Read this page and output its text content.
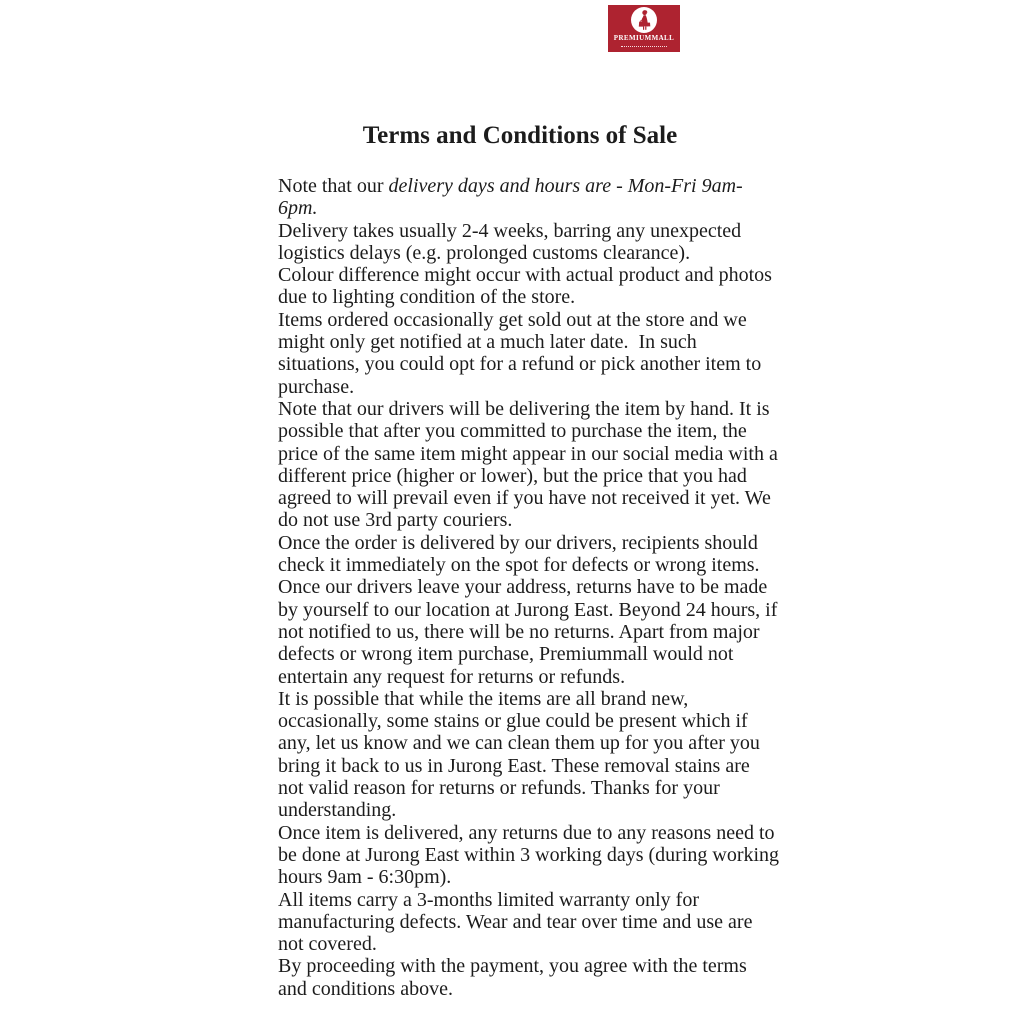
PREMIUMMALL
Terms and Conditions of Sale
Note that our delivery days and hours are - Mon-Fri 9am-
6pm.
Delivery takes usually 2-4 weeks, barring any unexpected
logistics delays (e.g. prolonged customs clearance).
Colour difference might occur with actual product and photos
due to lighting condition of the store.
Items ordered occasionally get sold out at the store and we
might only get notified at a much later date.  In such
situations, you could opt for a refund or pick another item to
purchase.
Note that our drivers will be delivering the item by hand. It is
possible that after you committed to purchase the item, the
price of the same item might appear in our social media with a
different price (higher or lower), but the price that you had
agreed to will prevail even if you have not received it yet. We
do not use 3rd party couriers.
Once the order is delivered by our drivers, recipients should
check it immediately on the spot for defects or wrong items.
Once our drivers leave your address, returns have to be made
by yourself to our location at Jurong East. Beyond 24 hours, if
not notified to us, there will be no returns. Apart from major
defects or wrong item purchase, Premiummall would not
entertain any request for returns or refunds.
It is possible that while the items are all brand new,
occasionally, some stains or glue could be present which if
any, let us know and we can clean them up for you after you
bring it back to us in Jurong East. These removal stains are
not valid reason for returns or refunds. Thanks for your
understanding.
Once item is delivered, any returns due to any reasons need to
be done at Jurong East within 3 working days (during working
hours 9am - 6:30pm).
All items carry a 3-months limited warranty only for
manufacturing defects. Wear and tear over time and use are
not covered.
By proceeding with the payment, you agree with the terms
and conditions above.
